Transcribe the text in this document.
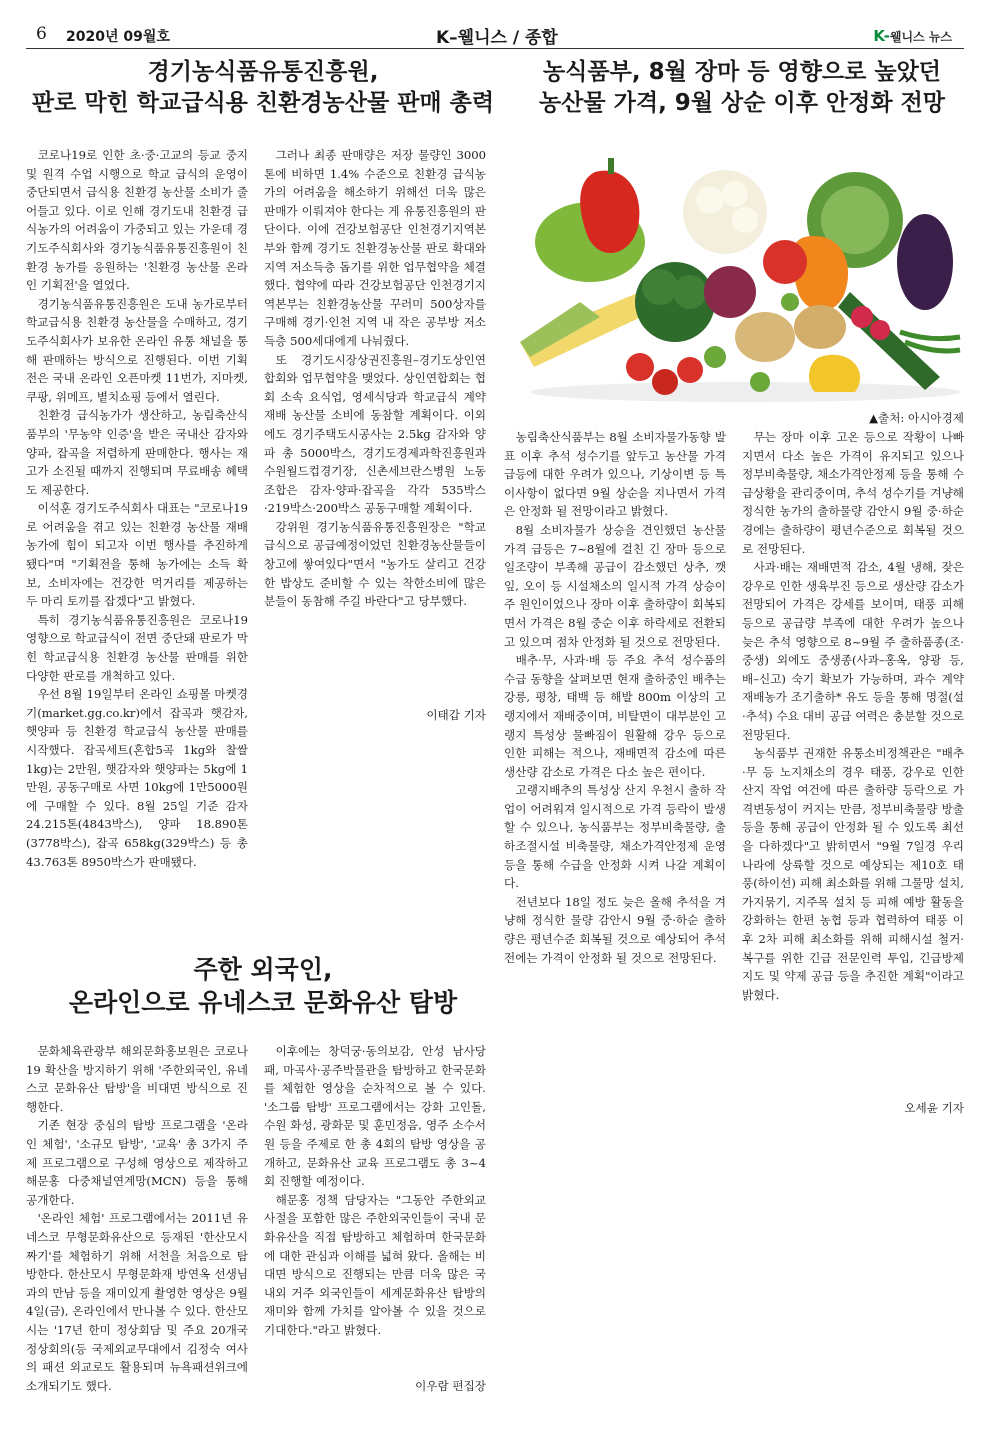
6 2020년 09월호	K–웰니스 / 종합	K-웰니스 뉴스
경기농식품유통진흥원,
판로 막힌 학교급식용 친환경농산물 판매 총력

코로나19로 인한 초·중·고교의 등교 중지 및 원격 수업 시행으로 학교 급식의 운영이 중단되면서 급식용 친환경 농산물 소비가 줄어들고 있다. 이로 인해 경기도내 친환경 급식농가의 어려움이 가중되고 있는 가운데 경기도주식회사와 경기농식품유통진흥원이 친환경 농가를 응원하는 '친환경 농산물 온라인 기획전'을 열었다.

경기농식품유통진흥원은 도내 농가로부터 학교급식용 친환경 농산물을 수매하고, 경기도주식회사가 보유한 온라인 유통 채널을 통해 판매하는 방식으로 진행된다. 이번 기획전은 국내 온라인 오픈마켓 11번가, 지마켓, 쿠팡, 위메프, 볕치쇼핑 등에서 열린다.

친환경 급식농가가 생산하고, 농림축산식품부의 '무농약 인증'을 받은 국내산 감자와 양파, 잡곡을 저렴하게 판매한다. 행사는 재고가 소진될 때까지 진행되며 무료배송 혜택도 제공한다.

이석훈 경기도주식회사 대표는 "코로나19로 어려움을 겪고 있는 친환경 농산물 재배농가에 힘이 되고자 이번 행사를 추진하게 됐다"며 "기획전을 통해 농가에는 소득 확보, 소비자에는 건강한 먹거리를 제공하는 두 마리 토끼를 잡겠다"고 밝혔다.

특히 경기농식품유통진흥원은 코로나19 영향으로 학교급식이 전면 중단돼 판로가 막힌 학교급식용 친환경 농산물 판매를 위한 다양한 판로를 개척하고 있다.

우선 8월 19일부터 온라인 쇼핑몰 마켓경기(market.gg.co.kr)에서 잡곡과 햇감자, 햇양파 등 친환경 학교급식 농산물 판매를 시작했다. 잡곡세트(혼합5곡 1kg와 찰쌀 1kg)는 2만원, 햇감자와 햇양파는 5kg에 1만원, 공동구매로 사면 10kg에 1만5000원에 구매할 수 있다. 8월 25일 기준 감자 24.215톤(4843박스), 양파 18.890톤(3778박스), 잡곡 658kg(329박스) 등 총 43.763톤 8950박스가 판매됐다.

그러나 최종 판매량은 저장 물량인 3000톤에 비하면 1.4% 수준으로 친환경 급식농가의 어려움을 해소하기 위해선 더욱 많은 판매가 이뤄져야 한다는 게 유통진흥원의 판단이다. 이에 건강보험공단 인천경기지역본부와 함께 경기도 친환경농산물 판로 확대와 지역 저소득층 돕기를 위한 업무협약을 체결했다. 협약에 따라 건강보험공단 인천경기지역본부는 친환경농산물 꾸러미 500상자를 구매해 경기·인천 지역 내 작은 공부방 저소득층 500세대에게 나눠줬다.

또 경기도시장상권진흥원–경기도상인연합회와 업무협약을 맺었다. 상인연합회는 협회 소속 요식업, 영세식당과 학교급식 계약 재배 농산물 소비에 동참할 계획이다. 이외에도 경기주택도시공사는 2.5kg 감자와 양파 총 5000박스, 경기도경제과학진흥원과 수원월드컵경기장, 신촌세브란스병원 노동조합은 감자·양파·잡곡을 각각 535박스·219박스·200박스 공동구매할 계획이다.

강위원 경기농식품유통진흥원장은 "학교급식으로 공급예정이었던 친환경농산물들이 창고에 쌓여있다"면서 "농가도 살리고 건강한 밥상도 준비할 수 있는 착한소비에 많은 분들이 동참해 주길 바란다"고 당부했다.

이태갑 기자
주한 외국인,
온라인으로 유네스코 문화유산 탐방

문화체육관광부 해외문화홍보원은 코로나19 확산을 방지하기 위해 '주한외국인, 유네스코 문화유산 탐방'을 비대면 방식으로 진행한다.

기존 현장 중심의 탐방 프로그램을 '온라인 체험', '소규모 탐방', '교육' 총 3가지 주제 프로그램으로 구성해 영상으로 제작하고 해문홍 다중채널연계망(MCN) 등을 통해 공개한다.

'온라인 체험' 프로그램에서는 2011년 유네스코 무형문화유산으로 등재된 '한산모시 짜기'를 체험하기 위해 서천을 처음으로 탐방한다. 한산모시 무형문화재 방연옥 선생님과의 만남 등을 재미있게 촬영한 영상은 9월 4일(금), 온라인에서 만나볼 수 있다. 한산모시는 '17년 한미 정상회담 및 주요 20개국 정상회의(등 국제외교무대에서 김정숙 여사의 패션 외교로도 활용되며 뉴욕패션위크에 소개되기도 했다.

이후에는 창덕궁·동의보감, 안성 남사당패, 마곡사·공주박물관을 탐방하고 한국문화를 체험한 영상을 순차적으로 볼 수 있다. '소그룹 탐방' 프로그램에서는 강화 고인돌, 수원 화성, 광화문 및 훈민정음, 영주 소수서원 등을 주제로 한 총 4회의 탐방 영상을 공개하고, 문화유산 교육 프로그램도 총 3~4회 진행할 예정이다.

해문홍 정책 담당자는 "그동안 주한외교사절을 포함한 많은 주한외국인들이 국내 문화유산을 직접 탐방하고 체험하며 한국문화에 대한 관심과 이해를 넓혀 왔다. 올해는 비대면 방식으로 진행되는 만큼 더욱 많은 국내외 거주 외국인들이 세계문화유산 탐방의 재미와 함께 가치를 알아볼 수 있을 것으로 기대한다."라고 밝혔다.

이우람 편집장
농식품부, 8월 장마 등 영향으로 높았던
농산물 가격, 9월 상순 이후 안정화 전망
▲출처: 아시아경제

농림축산식품부는 8월 소비자물가동향 발표 이후 추석 성수기를 앞두고 농산물 가격 급등에 대한 우려가 있으나, 기상이변 등 특이사항이 없다면 9월 상순을 지나면서 가격은 안정화 될 전망이라고 밝혔다.

8월 소비자물가 상승을 견인했던 농산물 가격 급등은 7~8월에 걸친 긴 장마 등으로 일조량이 부족해 공급이 감소했던 상추, 깻잎, 오이 등 시설채소의 일시적 가격 상승이 주 원인이었으나 장마 이후 출하량이 회복되면서 가격은 8월 중순 이후 하락세로 전환되고 있으며 점차 안정화 될 것으로 전망된다.

배추·무, 사과·배 등 주요 추석 성수품의 수급 동향을 살펴보면 현재 출하중인 배추는 강릉, 평창, 태백 등 해발 800m 이상의 고랭지에서 재배중이며, 비탈면이 대부분인 고랭지 특성상 물빠짐이 원활해 강우 등으로 인한 피해는 적으나, 재배면적 감소에 따른 생산량 감소로 가격은 다소 높은 편이다.

고랭지배추의 특성상 산지 우천시 출하 작업이 어려워져 일시적으로 가격 등락이 발생할 수 있으나, 농식품부는 정부비축물량, 출하조절시설 비축물량, 채소가격안정제 운영 등을 통해 수급을 안정화 시켜 나갈 계획이다.

전년보다 18일 정도 늦은 올해 추석을 겨냥해 정식한 물량 감안시 9월 중·하순 출하량은 평년수준 회복될 것으로 예상되어 추석 전에는 가격이 안정화 될 것으로 전망된다.

무는 장마 이후 고온 등으로 작황이 나빠지면서 다소 높은 가격이 유지되고 있으나 정부비축물량, 채소가격안정제 등을 통해 수급상황을 관리중이며, 추석 성수기를 겨냥해 정식한 농가의 출하물량 감안시 9월 중·하순경에는 출하량이 평년수준으로 회복될 것으로 전망된다.

사과·배는 재배면적 감소, 4월 냉해, 잦은 강우로 인한 생육부진 등으로 생산량 감소가 전망되어 가격은 강세를 보이며, 태풍 피해 등으로 공급량 부족에 대한 우려가 높으나 늦은 추석 영향으로 8~9월 주 출하품종(조·중생) 외에도 중생종(사과–홍옥, 양광 등, 배–신고) 숙기 확보가 가능하며, 과수 계약재배농가 조기출하* 유도 등을 통해 명절(설·추석) 수요 대비 공급 여력은 충분할 것으로 전망된다.

농식품부 권재한 유통소비정책관은 "배추·무 등 노지채소의 경우 태풍, 강우로 인한 산지 작업 여건에 따른 출하량 등락으로 가격변동성이 커지는 만큼, 정부비축물량 방출 등을 통해 공급이 안정화 될 수 있도록 최선을 다하겠다"고 밝히면서 "9월 7일경 우리나라에 상륙할 것으로 예상되는 제10호 태풍(하이선) 피해 최소화를 위해 그물망 설치, 가지묶기, 지주목 설치 등 피해 예방 활동을 강화하는 한편 농협 등과 협력하여 태풍 이후 2차 피해 최소화를 위해 피해시설 철거·복구를 위한 긴급 전문인력 투입, 긴급방제 지도 및 약제 공급 등을 추진한 계획"이라고 밝혔다.

오세윤 기자
